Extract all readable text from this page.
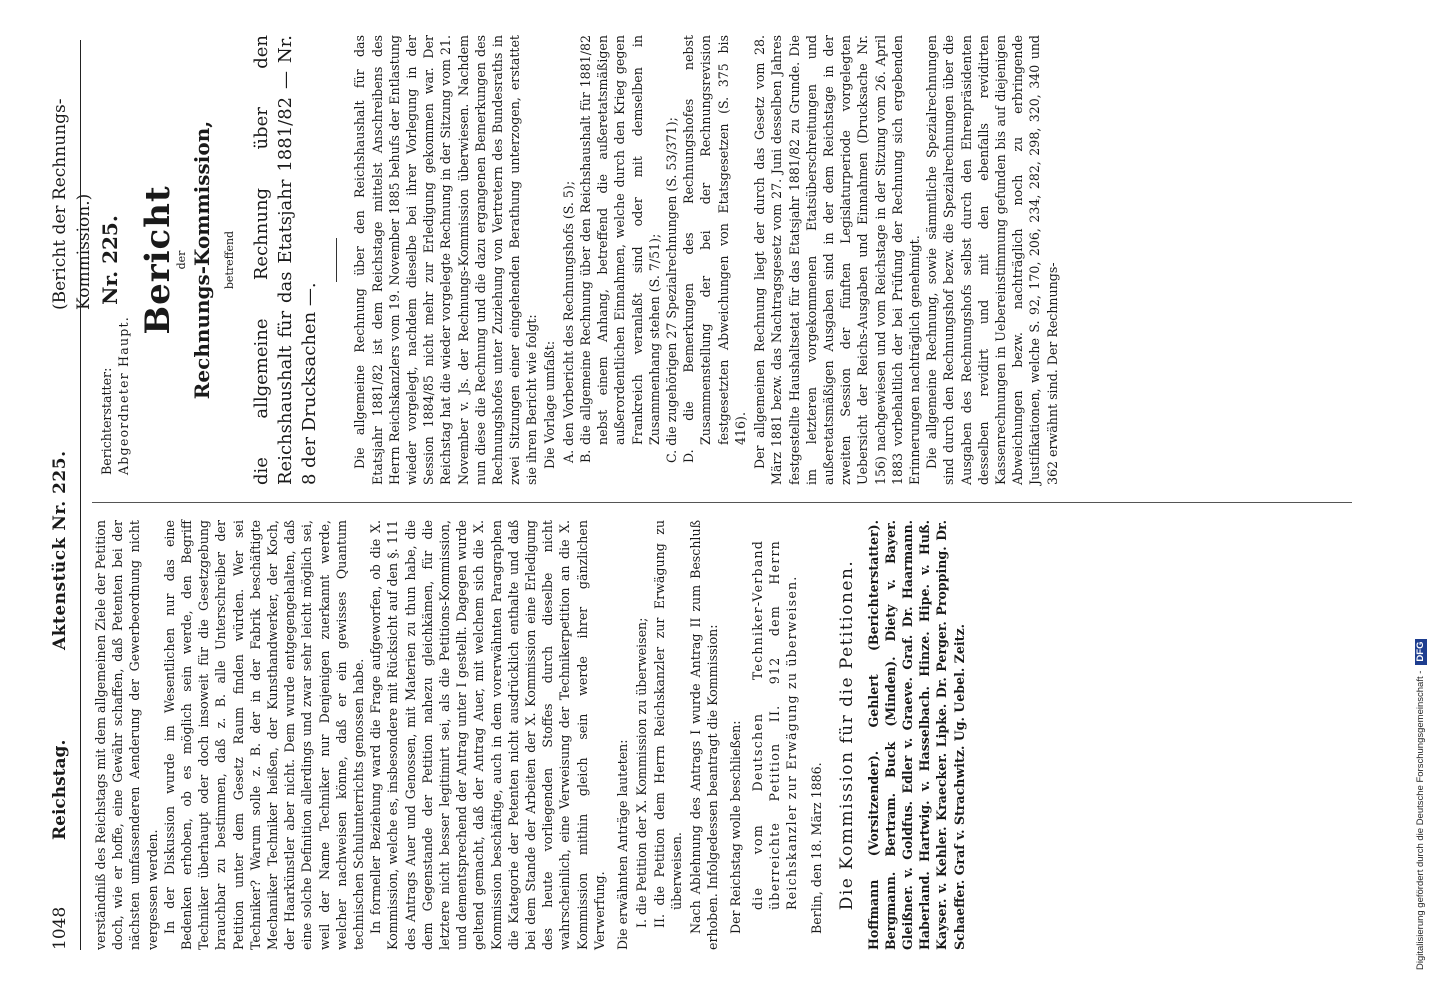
1048
Reichstag.
Aktenstück Nr. 225.
(Bericht der Rechnungs-Kommission.)

verständniß des Reichstags mit dem allgemeinen Ziele der Petition doch, wie er hoffe, eine Gewähr schaffen, daß Petenten bei der nächsten umfassenderen Aenderung der Gewerbeordnung nicht vergessen werden. In der Diskussion wurde im Wesentlichen nur das eine Bedenken erhoben, ob es möglich sein werde, den Begriff Techniker überhaupt oder doch insoweit für die Gesetzgebung brauchbar zu bestimmen, daß z. B. alle Unterschreiber der Petition unter dem Gesetz Raum finden würden. Wer sei Techniker? Warum solle z. B. der in der Fabrik beschäftigte Mechaniker Techniker heißen, der Kunsthandwerker, der Koch, der Haarkünstler aber nicht. Dem wurde entgegengehalten, daß eine solche Definition allerdings und zwar sehr leicht möglich sei, weil der Name Techniker nur Denjenigen zuerkannt werde, welcher nachweisen könne, daß er ein gewisses Quantum technischen Schulunterrichts genossen habe. In formeller Beziehung ward die Frage aufgeworfen, ob die X. Kommission, welche es, insbesondere mit Rücksicht auf den §. 111 des Antrags Auer und Genossen, mit Materien zu thun habe, die dem Gegenstande der Petition nahezu gleichkämen, für die letztere nicht besser legitimirt sei, als die Petitions-Kommission, und dementsprechend der Antrag unter I gestellt. Dagegen wurde geltend gemacht, daß der Antrag Auer, mit welchem sich die X. Kommission beschäftige, auch in dem vorerwähnten Paragraphen die Kategorie der Petenten nicht ausdrücklich enthalte und daß bei dem Stande der Arbeiten der X. Kommission eine Erledigung des heute vorliegenden Stoffes durch dieselbe nicht wahrscheinlich, eine Verweisung der Technikerpetition an die X. Kommission mithin gleich sein werde ihrer gänzlichen Verwerfung. Die erwähnten Anträge lauteten: I. die Petition der X. Kommission zu überweisen; II. die Petition dem Herrn Reichskanzler zur Erwägung zu überweisen. Nach Ablehnung des Antrags I wurde Antrag II zum Beschluß erhoben. Infolgedessen beantragt die Kommission: Der Reichstag wolle beschließen: die vom Deutschen Techniker-Verband überreichte Petition II. 912 dem Herrn Reichskanzler zur Erwägung zu überweisen. Berlin, den 18. März 1886. Die Kommission für die Petitionen. Hoffmann (Vorsitzender). Gehlert (Berichterstatter). Bergmann. Bertram. Buck (Minden). Diety v. Bayer. Gleißner. v. Goldfus. Edler v. Graeve. Graf. Dr. Haarmann. Haberland. Hartwig. v. Hasselbach. Hinze. Hipe. v. Huß. Kayser. v. Kehler. Kraecker. Lipke. Dr. Perger. Propping. Dr. Schaeffer. Graf v. Strachwitz. Ug. Uebel. Zeitz.

Berichterstatter: Abgeordneter Haupt.
Nr. 225. Bericht
der Rechnungs-Kommission, betreffend die allgemeine Rechnung über den Reichshaushalt für das Etatsjahr 1881/82 — Nr. 8 der Drucksachen —.	Die allgemeine Rechnung über den Reichshaushalt für das Etatsjahr 1881/82 ist dem Reichstage mittelst Anschreibens des Herrn Reichskanzlers vom 19. November 1885 behufs der Entlastung wieder vorgelegt, nachdem dieselbe bei ihrer Vorlegung in der Session 1884/85 nicht mehr zur Erledigung gekommen war. Der Reichstag hat die wieder vorgelegte Rechnung in der Sitzung vom 21. November v. Js. der Rechnungs-Kommission überwiesen. Nachdem nun diese die Rechnung und die dazu ergangenen Bemerkungen des Rechnungshofes unter Zuziehung von Vertretern des Bundesraths in zwei Sitzungen einer eingehenden Berathung unterzogen, erstattet sie ihren Bericht wie folgt: Die Vorlage umfaßt: A. den Vorbericht des Rechnungshofs (S. 5); B. die allgemeine Rechnung über den Reichshaushalt für 1881/82 nebst einem Anhang, betreffend die außeretatsmäßigen außerordentlichen Einnahmen, welche durch den Krieg gegen Frankreich veranlaßt sind oder mit demselben in Zusammenhang stehen (S. 7/51); C. die zugehörigen 27 Spezialrechnungen (S. 53/371); D. die Bemerkungen des Rechnungshofes nebst Zusammenstellung der bei der Rechnungsrevision festgesetzten Abweichungen von Etatsgesetzen (S. 375 bis 416). Der allgemeinen Rechnung liegt der durch das Gesetz vom 28. März 1881 bezw. das Nachtragsgesetz vom 27. Juni desselben Jahres festgestellte Haushaltsetat für das Etatsjahr 1881/82 zu Grunde. Die im letzteren vorgekommenen Etatsüberschreitungen und außeretatsmäßigen Ausgaben sind in der dem Reichstage in der zweiten Session der fünften Legislaturperiode vorgelegten Uebersicht der Reichs-Ausgaben und Einnahmen (Drucksache Nr. 156) nachgewiesen und vom Reichstage in der Sitzung vom 26. April 1883 vorbehaltlich der bei Prüfung der Rechnung sich ergebenden Erinnerungen nachträglich genehmigt. Die allgemeine Rechnung, sowie sämmtliche Spezialrechnungen sind durch den Rechnungshof bezw. die Spezialrechnungen über die Ausgaben des Rechnungshofs selbst durch den Ehrenpräsidenten desselben revidirt und mit den ebenfalls revidirten Kassenrechnungen in Uebereinstimmung gefunden bis auf diejenigen Abweichungen bezw. nachträglich noch zu erbringende Justifikationen, welche S. 92, 170, 206, 234, 282, 298, 320, 340 und 362 erwähnt sind. Der Rechnungs-

Digitalisierung gefördert durch die Deutsche Forschungsgemeinschaft -DFG
